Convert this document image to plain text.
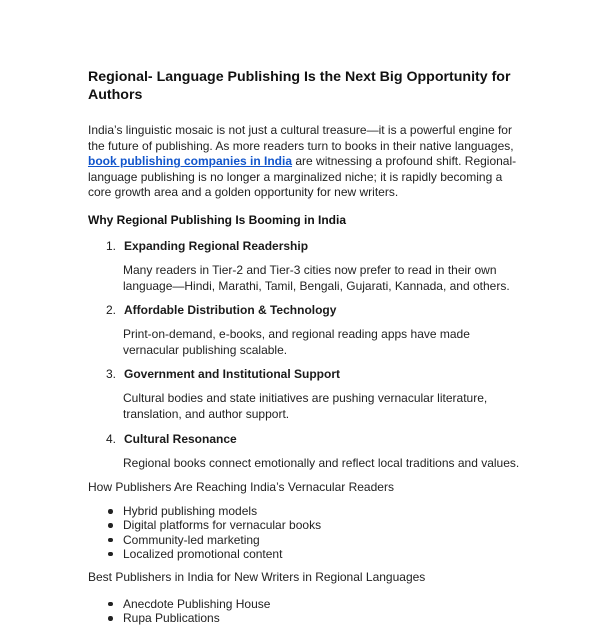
Regional- Language Publishing Is the Next Big Opportunity for Authors

India’s linguistic mosaic is not just a cultural treasure—it is a powerful engine for the future of publishing. As more readers turn to books in their native languages, book publishing companies in India are witnessing a profound shift. Regional-language publishing is no longer a marginalized niche; it is rapidly becoming a core growth area and a golden opportunity for new writers.

Why Regional Publishing Is Booming in India
1. Expanding Regional Readership
Many readers in Tier-2 and Tier-3 cities now prefer to read in their own language—Hindi, Marathi, Tamil, Bengali, Gujarati, Kannada, and others.
2. Affordable Distribution & Technology
Print-on-demand, e-books, and regional reading apps have made vernacular publishing scalable.
3. Government and Institutional Support
Cultural bodies and state initiatives are pushing vernacular literature, translation, and author support.
4. Cultural Resonance
Regional books connect emotionally and reflect local traditions and values.
How Publishers Are Reaching India’s Vernacular Readers
Hybrid publishing models
Digital platforms for vernacular books
Community-led marketing
Localized promotional content
Best Publishers in India for New Writers in Regional Languages
Anecdote Publishing House
Rupa Publications
